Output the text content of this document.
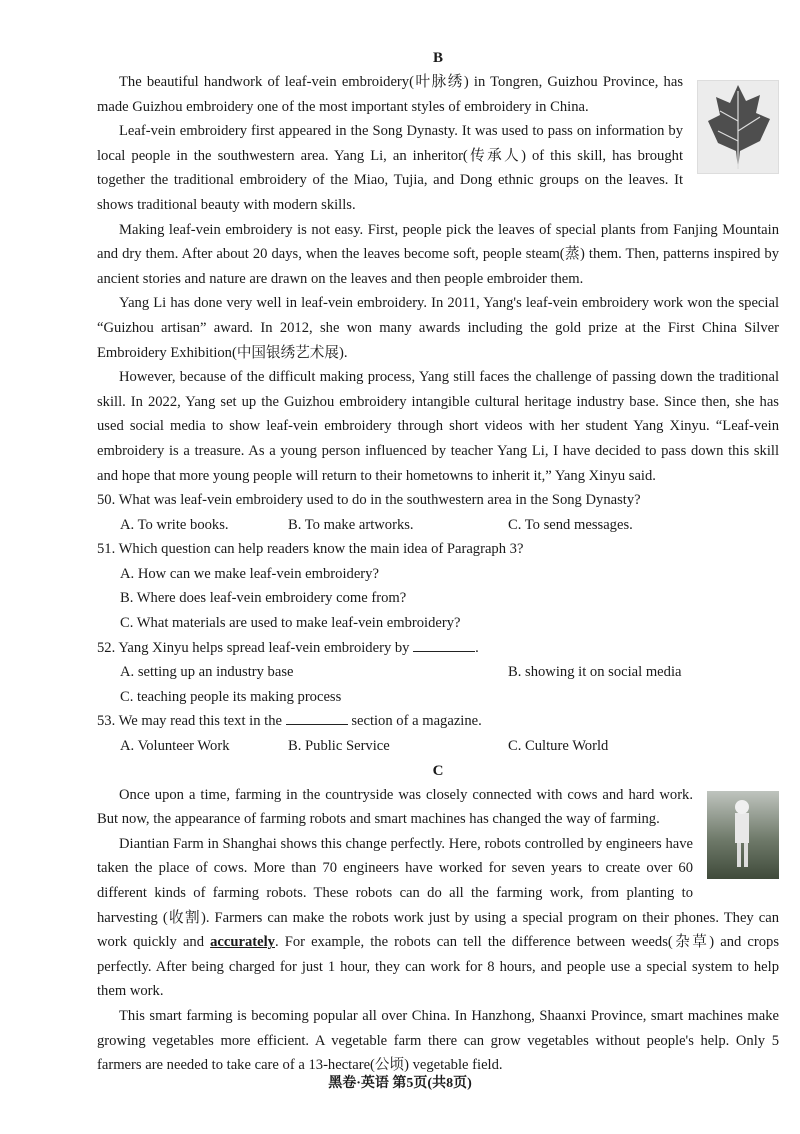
B

The beautiful handwork of leaf-vein embroidery(叶脉绣) in Tongren, Guizhou Province, has made Guizhou embroidery one of the most important styles of embroidery in China.

Leaf-vein embroidery first appeared in the Song Dynasty. It was used to pass on information by local people in the southwestern area. Yang Li, an inheritor(传承人) of this skill, has brought together the traditional embroidery of the Miao, Tujia, and Dong ethnic groups on the leaves. It shows traditional beauty with modern skills.

Making leaf-vein embroidery is not easy. First, people pick the leaves of special plants from Fanjing Mountain and dry them. After about 20 days, when the leaves become soft, people steam(蒸) them. Then, patterns inspired by ancient stories and nature are drawn on the leaves and then people embroider them.

Yang Li has done very well in leaf-vein embroidery. In 2011, Yang's leaf-vein embroidery work won the special “Guizhou artisan” award. In 2012, she won many awards including the gold prize at the First China Silver Embroidery Exhibition(中国银绣艺术展).

However, because of the difficult making process, Yang still faces the challenge of passing down the traditional skill. In 2022, Yang set up the Guizhou embroidery intangible cultural heritage industry base. Since then, she has used social media to show leaf-vein embroidery through short videos with her student Yang Xinyu. “Leaf-vein embroidery is a treasure. As a young person influenced by teacher Yang Li, I have decided to pass down this skill and hope that more young people will return to their hometowns to inherit it,” Yang Xinyu said.

50. What was leaf-vein embroidery used to do in the southwestern area in the Song Dynasty?
A. To write books.	B. To make artworks.	C. To send messages.
51. Which question can help readers know the main idea of Paragraph 3?
A. How can we make leaf-vein embroidery?
B. Where does leaf-vein embroidery come from?
C. What materials are used to make leaf-vein embroidery?
52. Yang Xinyu helps spread leaf-vein embroidery by	.
A. setting up an industry base	B. showing it on social media
C. teaching people its making process
53. We may read this text in the	section of a magazine.
A. Volunteer Work	B. Public Service	C. Culture World
C

Once upon a time, farming in the countryside was closely connected with cows and hard work. But now, the appearance of farming robots and smart machines has changed the way of farming.

Diantian Farm in Shanghai shows this change perfectly. Here, robots controlled by engineers have taken the place of cows. More than 70 engineers have worked for seven years to create over 60 different kinds of farming robots. These robots can do all the farming work, from planting to harvesting (收割). Farmers can make the robots work just by using a special program on their phones. They can work quickly and accurately. For example, the robots can tell the difference between weeds(杂草) and crops perfectly. After being charged for just 1 hour, they can work for 8 hours, and people use a special system to help them work.

This smart farming is becoming popular all over China. In Hanzhong, Shaanxi Province, smart machines make growing vegetables more efficient. A vegetable farm there can grow vegetables without people's help. Only 5 farmers are needed to take care of a 13-hectare(公顷) vegetable field.

黑卷·英语 第5页(共8页)
